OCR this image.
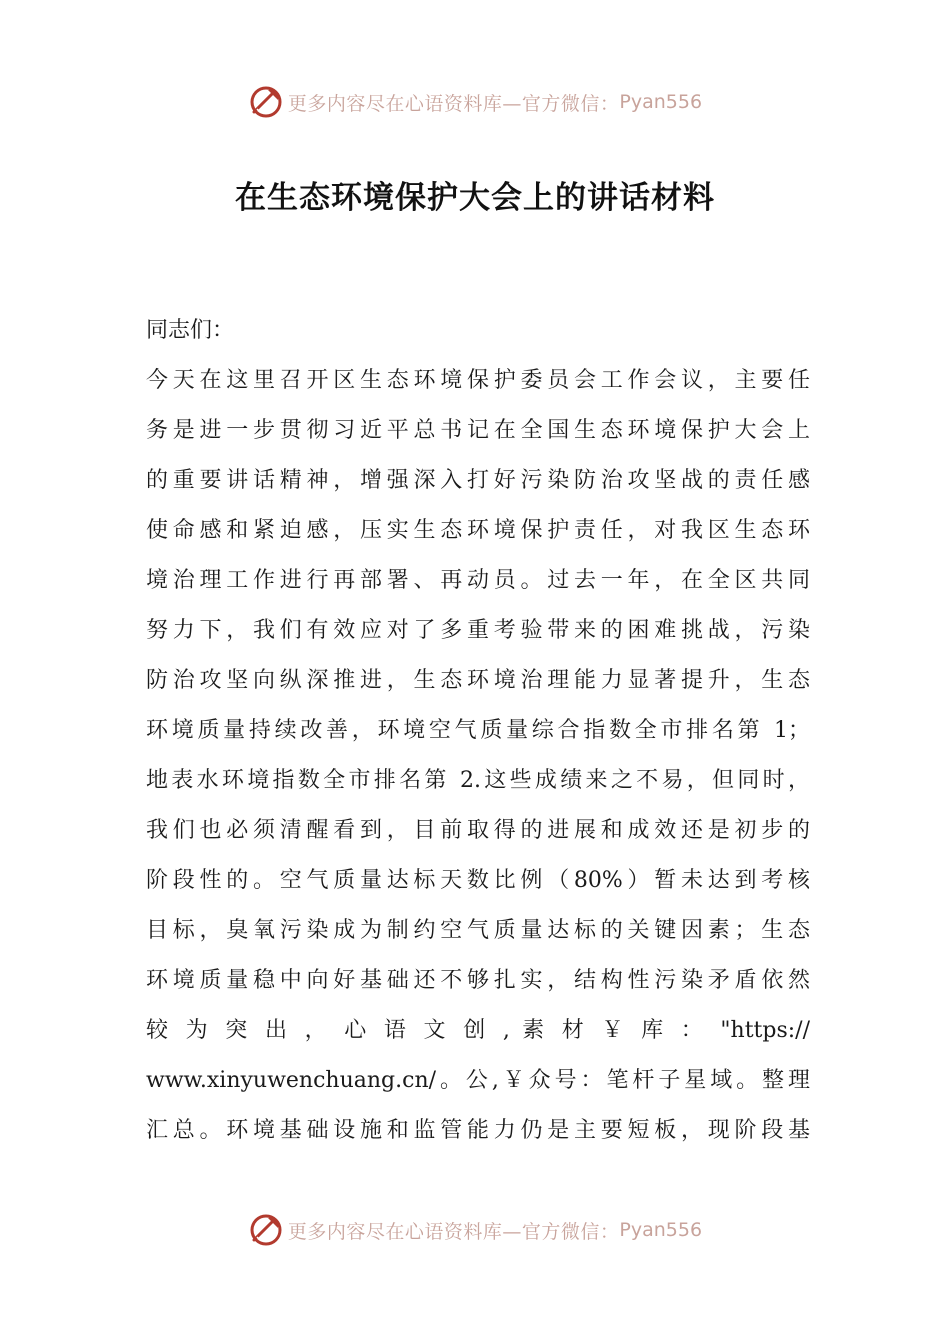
更多内容尽在心语资料库—官方微信： Pyan556
在生态环境保护大会上的讲话材料
同志们：
今天在这里召开区生态环境保护委员会工作会议，主要任
务是进一步贯彻习近平总书记在全国生态环境保护大会上
的重要讲话精神，增强深入打好污染防治攻坚战的责任感
使命感和紧迫感，压实生态环境保护责任，对我区生态环
境治理工作进行再部署、再动员。过去一年，在全区共同
努力下，我们有效应对了多重考验带来的困难挑战，污染
防治攻坚向纵深推进，生态环境治理能力显著提升，生态
环境质量持续改善，环境空气质量综合指数全市排名第 1；
地表水环境指数全市排名第 2.这些成绩来之不易，但同时，
我们也必须清醒看到，目前取得的进展和成效还是初步的
阶段性的。空气质量达标天数比例（80%）暂未达到考核
目标，臭氧污染成为制约空气质量达标的关键因素；生态
环境质量稳中向好基础还不够扎实，结构性污染矛盾依然
较 为 突 出 ， 心 语 文 创 , 素 材 ￥ 库 ： "https://
www.xinyuwenchuang.cn/。公,￥众号：笔杆子星域。整理
汇总。环境基础设施和监管能力仍是主要短板，现阶段基
更多内容尽在心语资料库—官方微信： Pyan556
